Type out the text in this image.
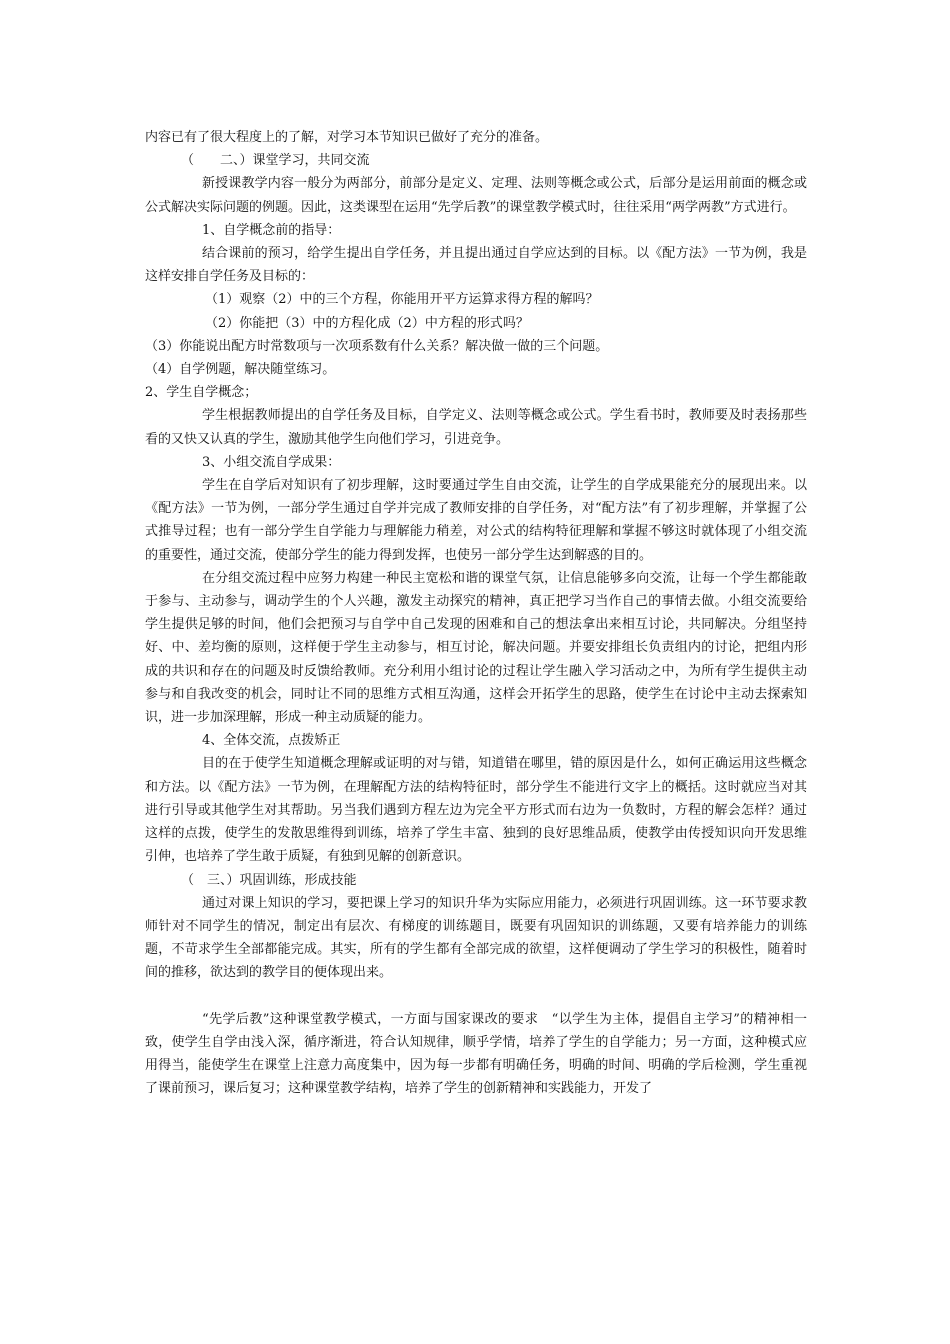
内容已有了很大程度上的了解，对学习本节知识已做好了充分的准备。

（　　二、）课堂学习，共同交流

新授课教学内容一般分为两部分，前部分是定义、定理、法则等概念或公式，后部分是运用前面的概念或公式解决实际问题的例题。因此，这类课型在运用“先学后教”的课堂教学模式时，往往采用“两学两教”方式进行。

1、自学概念前的指导：

结合课前的预习，给学生提出自学任务，并且提出通过自学应达到的目标。以《配方法》一节为例，我是这样安排自学任务及目标的：

（1）观察（2）中的三个方程，你能用开平方运算求得方程的解吗？

（2）你能把（3）中的方程化成（2）中方程的形式吗？

（3）你能说出配方时常数项与一次项系数有什么关系？解决做一做的三个问题。

（4）自学例题，解决随堂练习。

2、学生自学概念；

学生根据教师提出的自学任务及目标，自学定义、法则等概念或公式。学生看书时，教师要及时表扬那些看的又快又认真的学生，激励其他学生向他们学习，引进竞争。

3、小组交流自学成果：

学生在自学后对知识有了初步理解，这时要通过学生自由交流，让学生的自学成果能充分的展现出来。以《配方法》一节为例，一部分学生通过自学并完成了教师安排的自学任务，对“配方法”有了初步理解，并掌握了公式推导过程；也有一部分学生自学能力与理解能力稍差，对公式的结构特征理解和掌握不够这时就体现了小组交流的重要性，通过交流，使部分学生的能力得到发挥，也使另一部分学生达到解惑的目的。

在分组交流过程中应努力构建一种民主宽松和谐的课堂气氛，让信息能够多向交流，让每一个学生都能敢于参与、主动参与，调动学生的个人兴趣，激发主动探究的精神，真正把学习当作自己的事情去做。小组交流要给学生提供足够的时间，他们会把预习与自学中自己发现的困难和自己的想法拿出来相互讨论，共同解决。分组坚持好、中、差均衡的原则，这样便于学生主动参与，相互讨论，解决问题。并要安排组长负责组内的讨论，把组内形成的共识和存在的问题及时反馈给教师。充分利用小组讨论的过程让学生融入学习活动之中，为所有学生提供主动参与和自我改变的机会，同时让不同的思维方式相互沟通，这样会开拓学生的思路，使学生在讨论中主动去探索知识，进一步加深理解，形成一种主动质疑的能力。

4、全体交流，点拨矫正

目的在于使学生知道概念理解或证明的对与错，知道错在哪里，错的原因是什么，如何正确运用这些概念和方法。以《配方法》一节为例，在理解配方法的结构特征时，部分学生不能进行文字上的概括。这时就应当对其进行引导或其他学生对其帮助。另当我们遇到方程左边为完全平方形式而右边为一负数时，方程的解会怎样？通过这样的点拨，使学生的发散思维得到训练，培养了学生丰富、独到的良好思维品质，使教学由传授知识向开发思维引伸，也培养了学生敢于质疑，有独到见解的创新意识。

（　三、）巩固训练，形成技能

通过对课上知识的学习，要把课上学习的知识升华为实际应用能力，必须进行巩固训练。这一环节要求教师针对不同学生的情况，制定出有层次、有梯度的训练题目，既要有巩固知识的训练题，又要有培养能力的训练题，不苛求学生全部都能完成。其实，所有的学生都有全部完成的欲望，这样便调动了学生学习的积极性，随着时间的推移，欲达到的教学目的便体现出来。

“先学后教”这种课堂教学模式，一方面与国家课改的要求　“以学生为主体，提倡自主学习”的精神相一致，使学生自学由浅入深，循序渐进，符合认知规律，顺乎学情，培养了学生的自学能力；另一方面，这种模式应用得当，能使学生在课堂上注意力高度集中，因为每一步都有明确任务，明确的时间、明确的学后检测，学生重视了课前预习，课后复习；这种课堂教学结构，培养了学生的创新精神和实践能力，开发了
